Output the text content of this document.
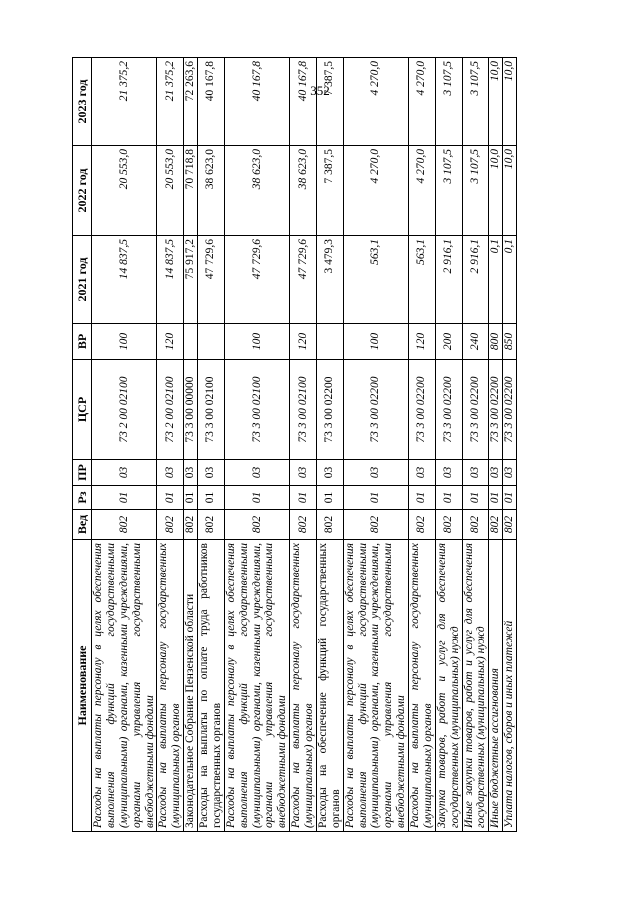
352
Наименование	Вед	Рз	ПР	ЦСР	ВР	2021 год	2022 год	2023 год
Расходы на выплаты персоналу в целях обеспечения выполнения функций государственными (муниципальными) органами, казенными учреждениями, органами управления государственными внебюджетными фондами	802	01	03	73 2 00 02100	100	14 837,5	20 553,0	21 375,2
Расходы на выплаты персоналу государственных (муниципальных) органов	802	01	03	73 2 00 02100	120	14 837,5	20 553,0	21 375,2
Законодательное Собрание Пензенской области	802	01	03	73 3 00 00000		75 917,2	70 718,8	72 263,6
Расходы на выплаты по оплате труда работников государственных органов	802	01	03	73 3 00 02100		47 729,6	38 623,0	40 167,8
Расходы на выплаты персоналу в целях обеспечения выполнения функций государственными (муниципальными) органами, казенными учреждениями, органами управления государственными внебюджетными фондами	802	01	03	73 3 00 02100	100	47 729,6	38 623,0	40 167,8
Расходы на выплаты персоналу государственных (муниципальных) органов	802	01	03	73 3 00 02100	120	47 729,6	38 623,0	40 167,8
Расходы на обеспечение функций государственных органов	802	01	03	73 3 00 02200		3 479,3	7 387,5	7 387,5
Расходы на выплаты персоналу в целях обеспечения выполнения функций государственными (муниципальными) органами, казенными учреждениями, органами управления государственными внебюджетными фондами	802	01	03	73 3 00 02200	100	563,1	4 270,0	4 270,0
Расходы на выплаты персоналу государственных (муниципальных) органов	802	01	03	73 3 00 02200	120	563,1	4 270,0	4 270,0
Закупка товаров, работ и услуг для обеспечения государственных (муниципальных) нужд	802	01	03	73 3 00 02200	200	2 916,1	3 107,5	3 107,5
Иные закупки товаров, работ и услуг для обеспечения государственных (муниципальных) нужд	802	01	03	73 3 00 02200	240	2 916,1	3 107,5	3 107,5
Иные бюджетные ассигнования	802	01	03	73 3 00 02200	800	0,1	10,0	10,0
Уплата налогов, сборов и иных платежей	802	01	03	73 3 00 02200	850	0,1	10,0	10,0
